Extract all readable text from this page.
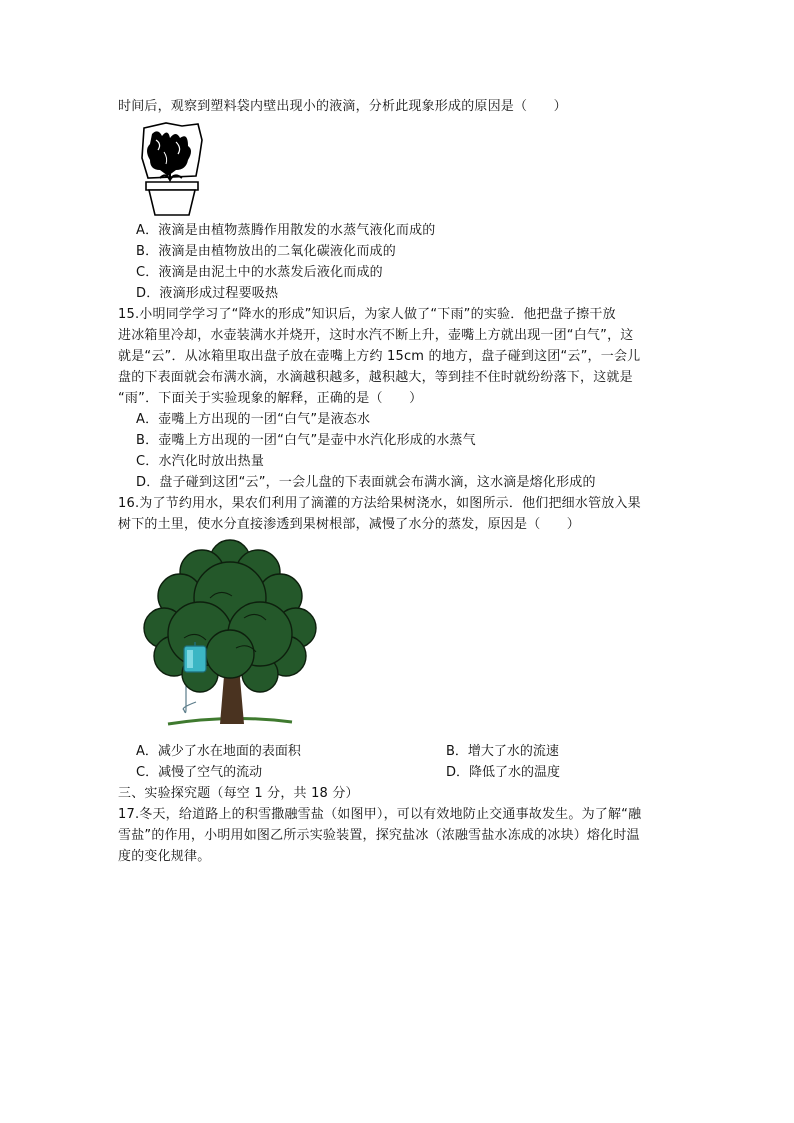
时间后，观察到塑料袋内壁出现小的液滴，分析此现象形成的原因是（　　）
A．液滴是由植物蒸腾作用散发的水蒸气液化而成的
B．液滴是由植物放出的二氧化碳液化而成的
C．液滴是由泥土中的水蒸发后液化而成的
D．液滴形成过程要吸热
15.小明同学学习了“降水的形成”知识后，为家人做了“下雨”的实验．他把盘子擦干放
进冰箱里冷却，水壶装满水并烧开，这时水汽不断上升，壶嘴上方就出现一团“白气”，这
就是“云”．从冰箱里取出盘子放在壶嘴上方约 15cm 的地方，盘子碰到这团“云”，一会儿
盘的下表面就会布满水滴，水滴越积越多，越积越大，等到挂不住时就纷纷落下，这就是
“雨”．下面关于实验现象的解释，正确的是（　　）
A．壶嘴上方出现的一团“白气”是液态水
B．壶嘴上方出现的一团“白气”是壶中水汽化形成的水蒸气
C．水汽化时放出热量
D．盘子碰到这团“云”，一会儿盘的下表面就会布满水滴，这水滴是熔化形成的
16.为了节约用水，果农们利用了滴灌的方法给果树浇水，如图所示．他们把细水管放入果
树下的土里，使水分直接渗透到果树根部，减慢了水分的蒸发，原因是（　　）
A．减少了水在地面的表面积	B．增大了水的流速
C．减慢了空气的流动	D．降低了水的温度
三、实验探究题（每空 1 分，共 18 分）
17.冬天，给道路上的积雪撒融雪盐（如图甲），可以有效地防止交通事故发生。为了解“融
雪盐”的作用，小明用如图乙所示实验装置，探究盐冰（浓融雪盐水冻成的冰块）熔化时温
度的变化规律。
